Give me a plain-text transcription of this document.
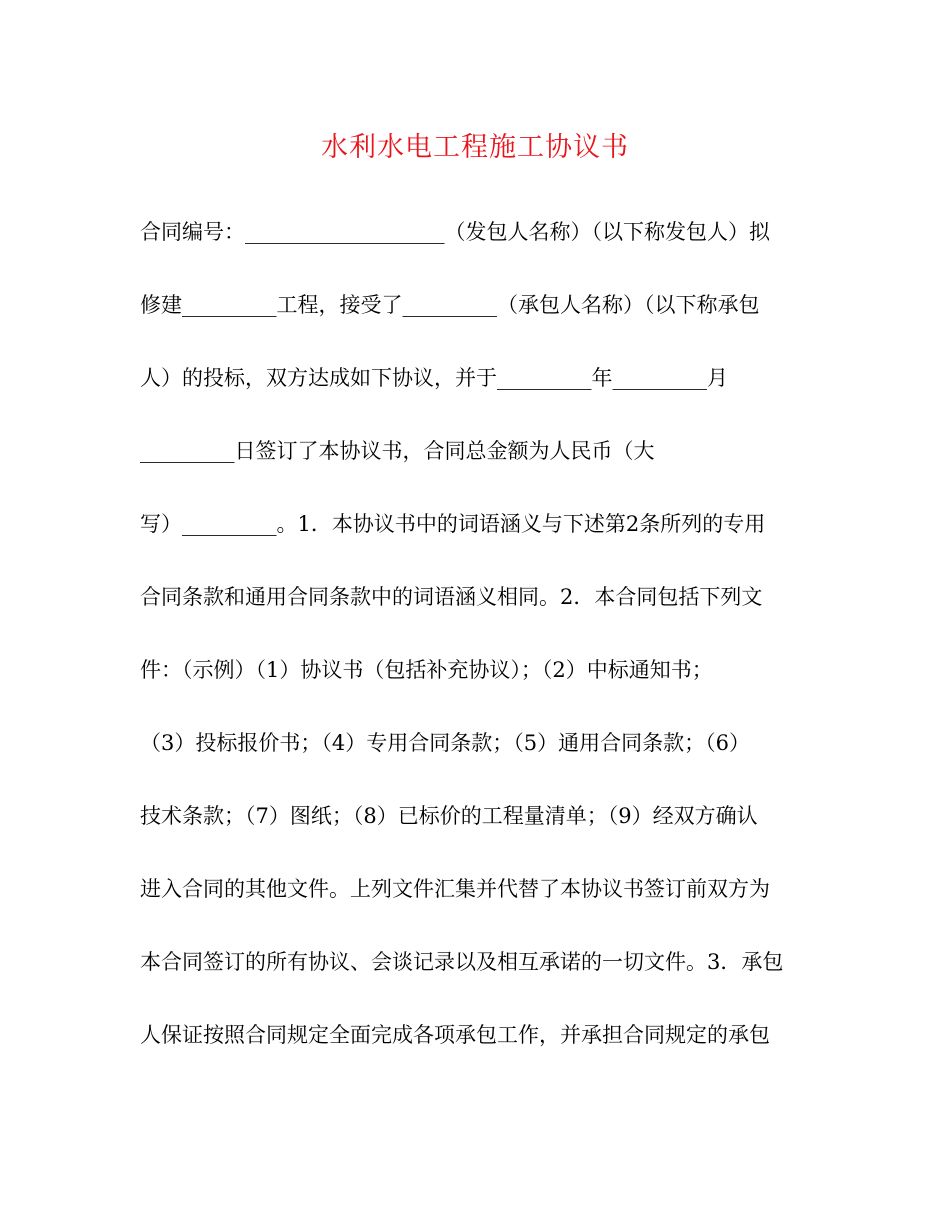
水利水电工程施工协议书
合同编号：___________________（发包人名称）（以下称发包人）拟
修建_________工程，接受了_________（承包人名称）（以下称承包
人）的投标，双方达成如下协议，并于_________年_________月
_________日签订了本协议书，合同总金额为人民币（大
写）_________。1．本协议书中的词语涵义与下述第2条所列的专用
合同条款和通用合同条款中的词语涵义相同。2．本合同包括下列文
件：（示例）（1）协议书（包括补充协议）；（2）中标通知书；
（3）投标报价书；（4）专用合同条款；（5）通用合同条款；（6）
技术条款；（7）图纸；（8）已标价的工程量清单；（9）经双方确认
进入合同的其他文件。上列文件汇集并代替了本协议书签订前双方为
本合同签订的所有协议、会谈记录以及相互承诺的一切文件。3．承包
人保证按照合同规定全面完成各项承包工作，并承担合同规定的承包
